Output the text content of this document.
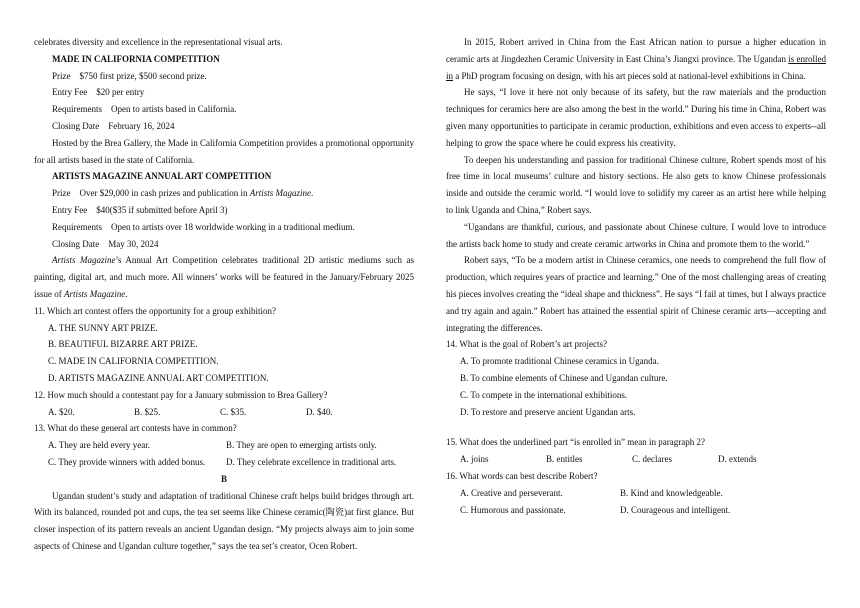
celebrates diversity and excellence in the representational visual arts.

MADE IN CALIFORNIA COMPETITION

Prize    $750 first prize, $500 second prize.

Entry Fee    $20 per entry

Requirements    Open to artists based in California.

Closing Date    February 16, 2024

Hosted by the Brea Gallery, the Made in California Competition provides a promotional opportunity for all artists based in the state of California.

ARTISTS MAGAZINE ANNUAL ART COMPETITION

Prize    Over $29,000 in cash prizes and publication in Artists Magazine.

Entry Fee    $40($35 if submitted before April 3)

Requirements    Open to artists over 18 worldwide working in a traditional medium.

Closing Date    May 30, 2024

Artists Magazine’s Annual Art Competition celebrates traditional 2D artistic mediums such as painting, digital art, and much more. All winners’ works will be featured in the January/February 2025 issue of Artists Magazine.

11. Which art contest offers the opportunity for a group exhibition?

A. THE SUNNY ART PRIZE.

B. BEAUTIFUL BIZARRE ART PRIZE.

C. MADE IN CALIFORNIA COMPETITION.

D. ARTISTS MAGAZINE ANNUAL ART COMPETITION.

12. How much should a contestant pay for a January submission to Brea Gallery?

A. $20.	B. $25.	C. $35.	D. $40.

13. What do these general art contests have in common?

A. They are held every year.	B. They are open to emerging artists only.
C. They provide winners with added bonus.	D. They celebrate excellence in traditional arts.

B

Ugandan student’s study and adaptation of traditional Chinese craft helps build bridges through art. With its balanced, rounded pot and cups, the tea set seems like Chinese ceramic(陶瓷)at first glance. But closer inspection of its pattern reveals an ancient Ugandan design. “My projects always aim to join some aspects of Chinese and Ugandan culture together,” says the tea set’s creator, Ocen Robert.

In 2015, Robert arrived in China from the East African nation to pursue a higher education in ceramic arts at Jingdezhen Ceramic University in East China’s Jiangxi province. The Ugandan is enrolled in a PhD program focusing on design, with his art pieces sold at national-level exhibitions in China.

He says, “I love it here not only because of its safety, but the raw materials and the production techniques for ceramics here are also among the best in the world.” During his time in China, Robert was given many opportunities to participate in ceramic production, exhibitions and even access to experts--all helping to grow the space where he could express his creativity.

To deepen his understanding and passion for traditional Chinese culture, Robert spends most of his free time in local museums’ culture and history sections. He also gets to know Chinese professionals inside and outside the ceramic world. “I would love to solidify my career as an artist here while helping to link Uganda and China,” Robert says.

“Ugandans are thankful, curious, and passionate about Chinese culture. I would love to introduce the artists back home to study and create ceramic artworks in China and promote them to the world.”

Robert says, “To be a modern artist in Chinese ceramics, one needs to comprehend the full flow of production, which requires years of practice and learning.” One of the most challenging areas of creating his pieces involves creating the “ideal shape and thickness”. He says “I fail at times, but I always practice and try again and again.” Robert has attained the essential spirit of Chinese ceramic arts—accepting and integrating the differences.

14. What is the goal of Robert’s art projects?

A. To promote traditional Chinese ceramics in Uganda.

B. To combine elements of Chinese and Ugandan culture.

C. To compete in the international exhibitions.

D. To restore and preserve ancient Ugandan arts.

15. What does the underlined part “is enrolled in” mean in paragraph 2?

A. joins	B. entitles	C. declares	D. extends

16. What words can best describe Robert?

A. Creative and perseverant.	B. Kind and knowledgeable.
C. Humorous and passionate.	D. Courageous and intelligent.
